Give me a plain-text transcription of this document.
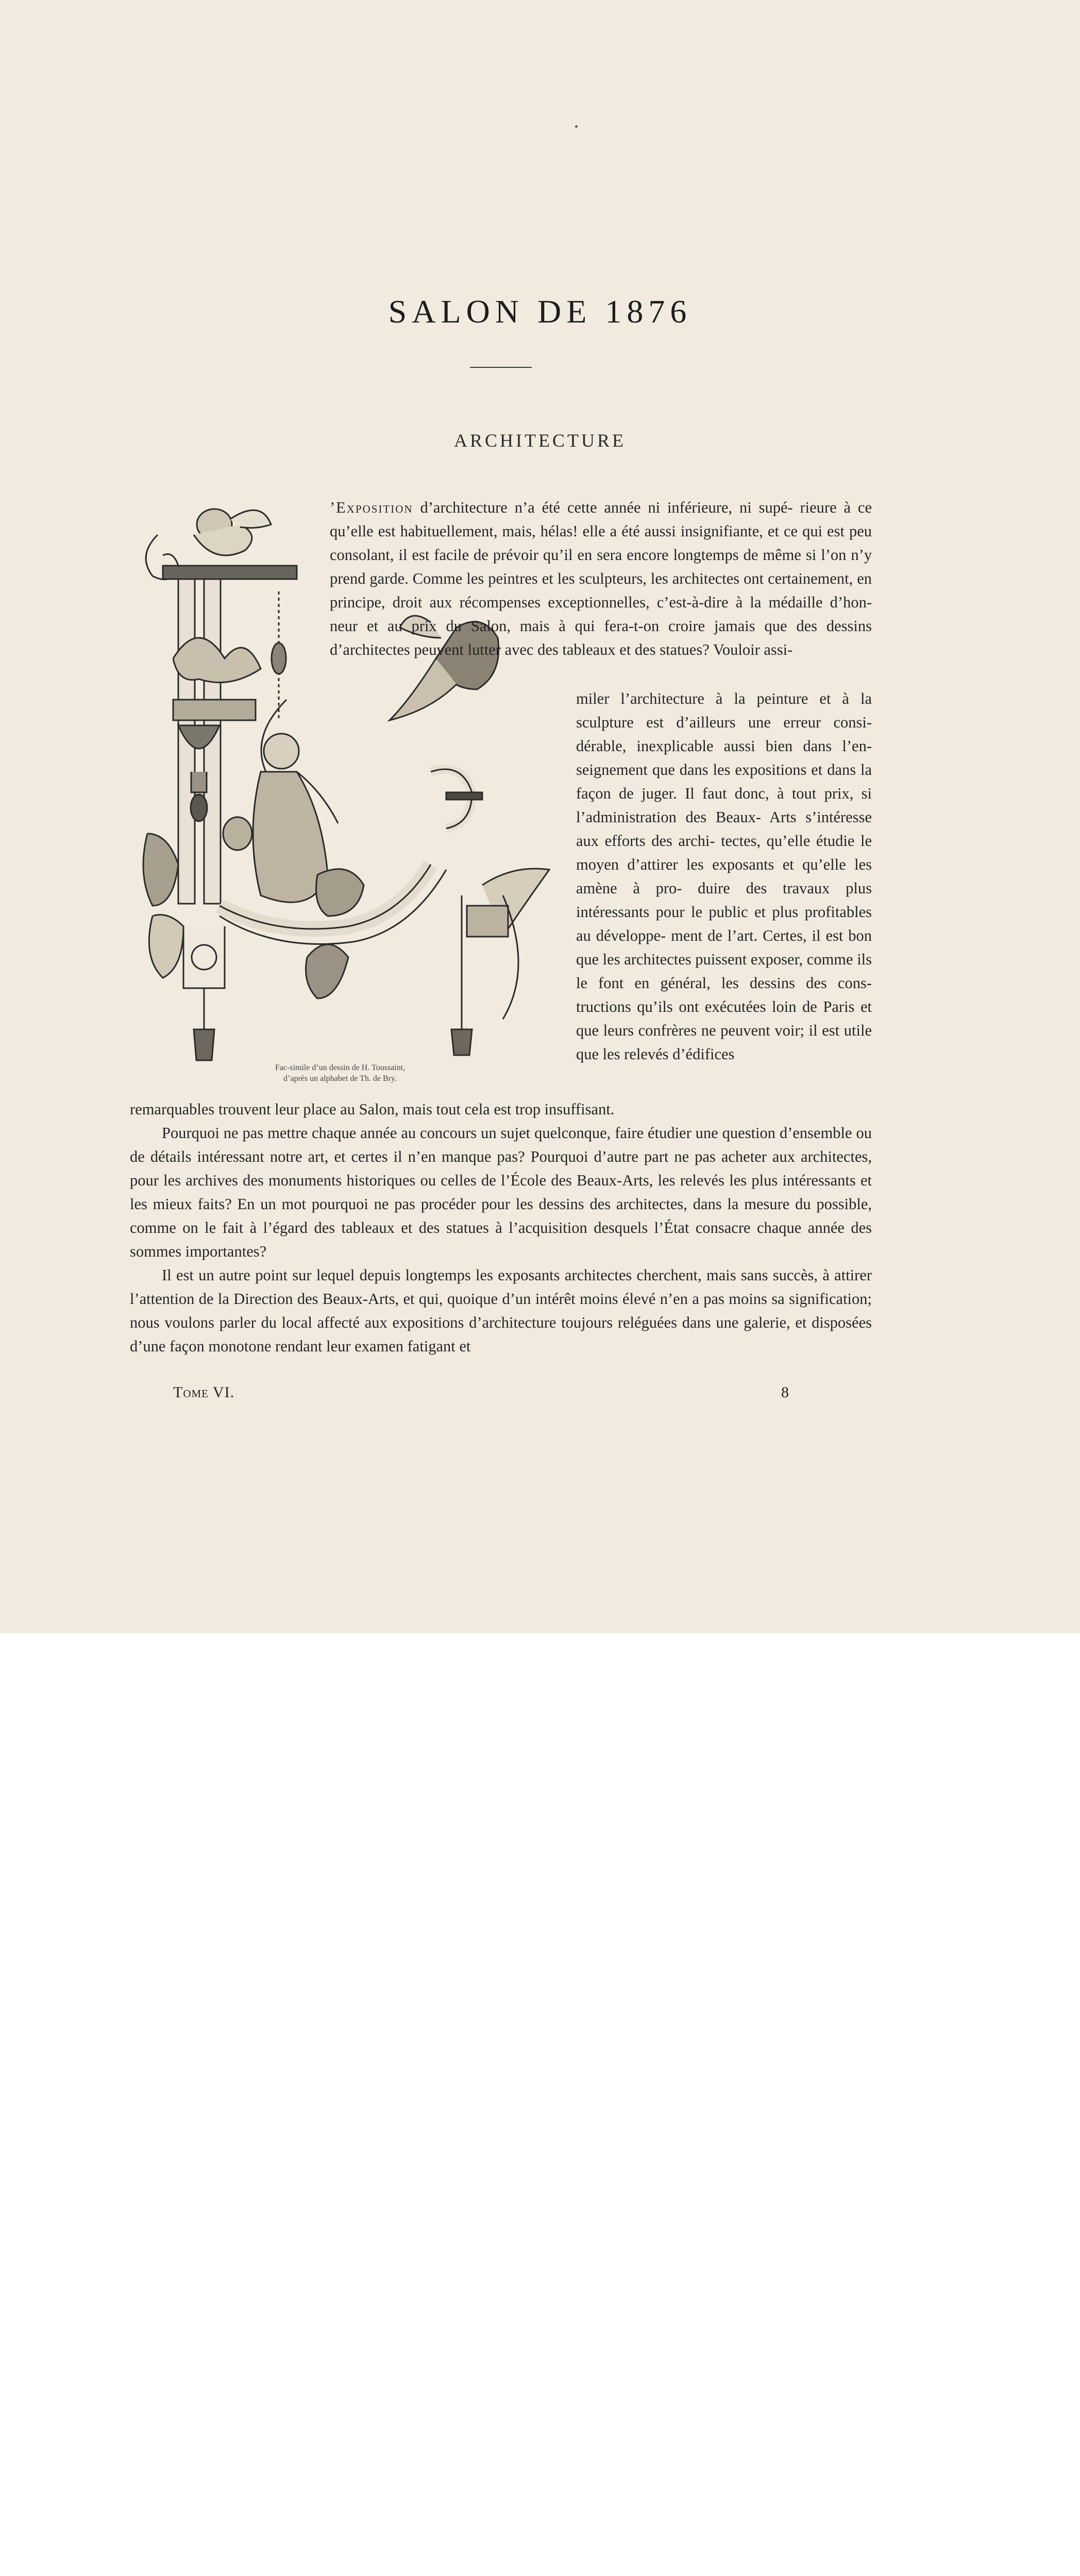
SALON DE 1876
ARCHITECTURE

’Exposition d’architecture n’a été cette année ni inférieure, ni supé- rieure à ce qu’elle est habituellement, mais, hélas! elle a été aussi insignifiante, et ce qui est peu consolant, il est facile de prévoir qu’il en sera encore longtemps de même si l’on n’y prend garde. Comme les peintres et les sculpteurs, les architectes ont certainement, en principe, droit aux récompenses exceptionnelles, c’est-à-dire à la médaille d’hon- neur et au prix du Salon, mais à qui fera-t-on croire jamais que des dessins d’architectes peuvent lutter avec des tableaux et des statues? Vouloir assi-

miler l’architecture à la peinture et à la sculpture est d’ailleurs une erreur consi- dérable, inexplicable aussi bien dans l’en- seignement que dans les expositions et dans la façon de juger. Il faut donc, à tout prix, si l’administration des Beaux- Arts s’intéresse aux efforts des archi- tectes, qu’elle étudie le moyen d’attirer les exposants et qu’elle les amène à pro- duire des travaux plus intéressants pour le public et plus profitables au développe- ment de l’art. Certes, il est bon que les architectes puissent exposer, comme ils le font en général, les dessins des cons- tructions qu’ils ont exécutées loin de Paris et que leurs confrères ne peuvent voir; il est utile que les relevés d’édifices

Fac-simile d’un dessin de H. Toussaint,
d’après un alphabet de Th. de Bry.

remarquables trouvent leur place au Salon, mais tout cela est trop insuffisant.

Pourquoi ne pas mettre chaque année au concours un sujet quelconque, faire étudier une question d’ensemble ou de détails intéressant notre art, et certes il n’en manque pas? Pourquoi d’autre part ne pas acheter aux architectes, pour les archives des monuments historiques ou celles de l’École des Beaux-Arts, les relevés les plus intéressants et les mieux faits? En un mot pourquoi ne pas procéder pour les dessins des architectes, dans la mesure du possible, comme on le fait à l’égard des tableaux et des statues à l’acquisition desquels l’État consacre chaque année des sommes importantes?

Il est un autre point sur lequel depuis longtemps les exposants architectes cherchent, mais sans succès, à attirer l’attention de la Direction des Beaux-Arts, et qui, quoique d’un intérêt moins élevé n’en a pas moins sa signification; nous voulons parler du local affecté aux expositions d’architecture toujours reléguées dans une galerie, et disposées d’une façon monotone rendant leur examen fatigant et

Tome VI.	8
